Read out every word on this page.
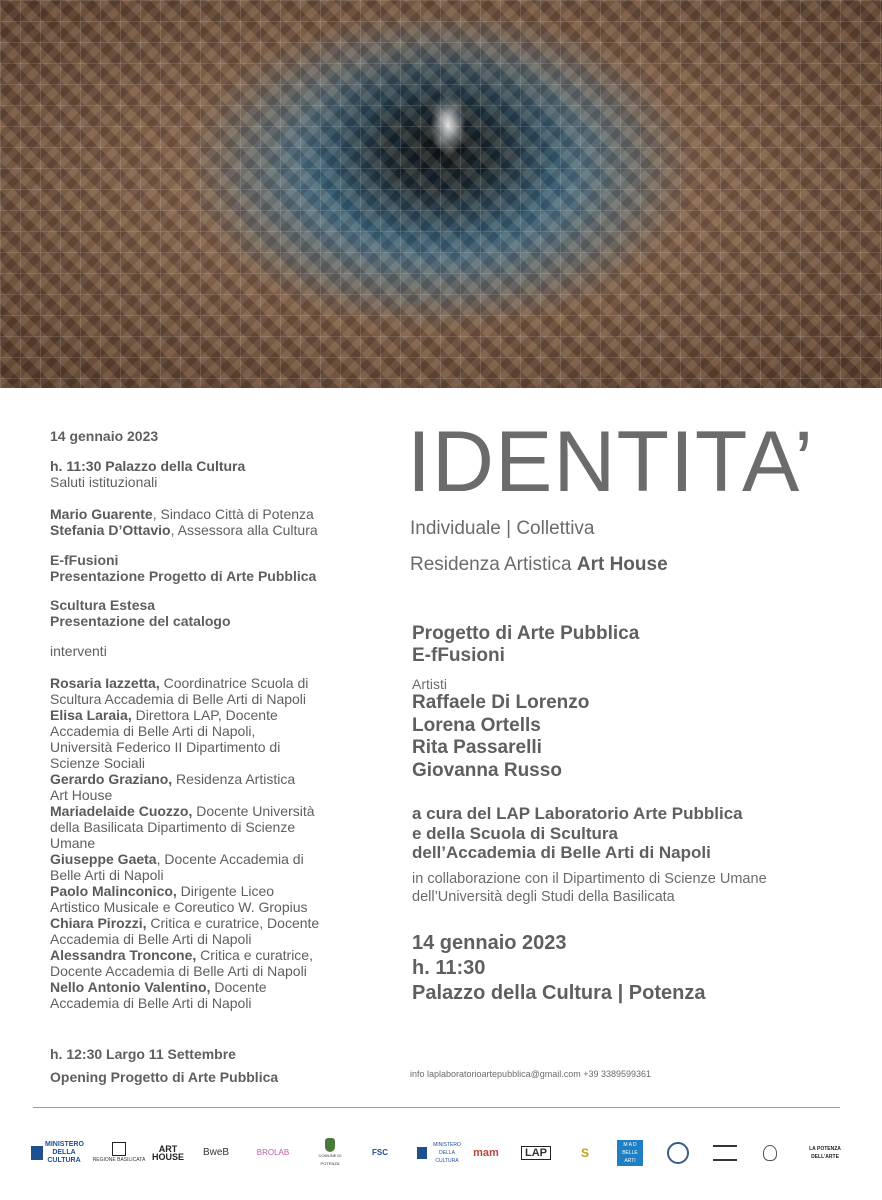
14 gennaio 2023
h. 11:30 Palazzo della Cultura
Saluti istituzionali
Mario Guarente, Sindaco Città di Potenza
Stefania D’Ottavio, Assessora alla Cultura
E-fFusioni
Presentazione Progetto di Arte Pubblica
Scultura Estesa
Presentazione del catalogo
interventi
Rosaria Iazzetta, Coordinatrice Scuola di
Scultura Accademia di Belle Arti di Napoli
Elisa Laraia, Direttora LAP, Docente
Accademia di Belle Arti di Napoli,
Università Federico II Dipartimento di
Scienze Sociali
Gerardo Graziano, Residenza Artistica
Art House
Mariadelaide Cuozzo, Docente Università
della Basilicata Dipartimento di Scienze
Umane
Giuseppe Gaeta, Docente Accademia di
Belle Arti di Napoli
Paolo Malinconico, Dirigente Liceo
Artistico Musicale e Coreutico W. Gropius
Chiara Pirozzi, Critica e curatrice, Docente
Accademia di Belle Arti di Napoli
Alessandra Troncone, Critica e curatrice,
Docente Accademia di Belle Arti di Napoli
Nello Antonio Valentino, Docente
Accademia di Belle Arti di Napoli
h. 12:30 Largo 11 Settembre
Opening Progetto di Arte Pubblica
IDENTITA’
Individuale | Collettiva
Residenza Artistica Art House
Progetto di Arte Pubblica
E-fFusioni
Artisti
Raffaele Di Lorenzo
Lorena Ortells
Rita Passarelli
Giovanna Russo
a cura del LAP Laboratorio Arte Pubblica
e della Scuola di Scultura
dell’Accademia di Belle Arti di Napoli
in collaborazione con il Dipartimento di Scienze Umane
dell’Università degli Studi della Basilicata
14 gennaio 2023
h. 11:30
Palazzo della Cultura | Potenza
info laplaboratorioartepubblica@gmail.com +39 3389599361
MINISTERO DELLA CULTURA	REGIONE BASILICATA
ART HOUSE	BweB	BROLAB	COMUNE DI POTENZA
FSC
MINISTERO DELLA CULTURA
mam	LAP	S
M A D BELLE ARTI
LA POTENZA DELL'ARTE
